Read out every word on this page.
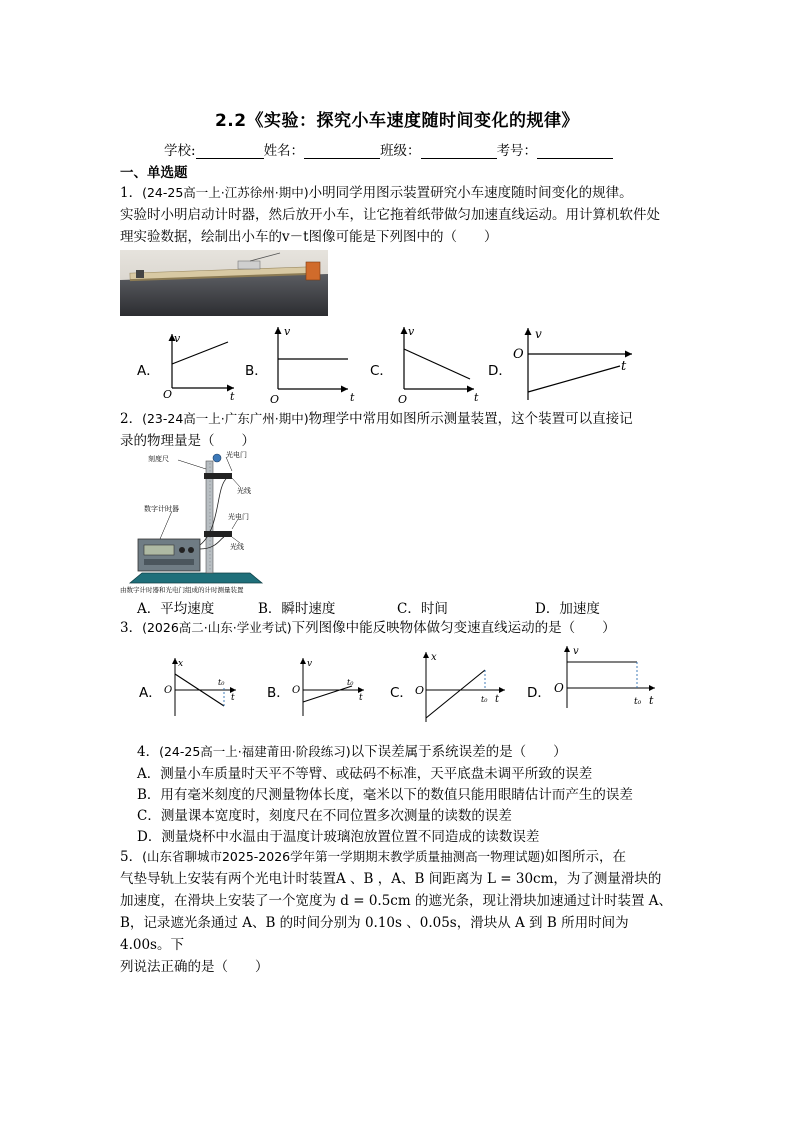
2.2《实验：探究小车速度随时间变化的规律》
学校:	姓名：	班级：	考号：
一、单选题
1．(24-25高一上·江苏徐州·期中)小明同学用图示装置研究小车速度随时间变化的规律。
实验时小明启动计时器，然后放开小车，让它拖着纸带做匀加速直线运动。用计算机软件处
理实验数据，绘制出小车的v－t图像可能是下列图中的（　　）
A．
v
t
O
B．
v
t
O
C．
v
t
O
D．
v
t
O
2．(23-24高一上·广东广州·期中)物理学中常用如图所示测量装置，这个装置可以直接记
录的物理量是（　　）
刻度尺	光电门
光线
数字计时器
光电门
光线
由数字计时器和光电门组成的计时测量装置
A．平均速度	B．瞬时速度	C．时间	D．加速度
3．(2026高二·山东·学业考试)下列图像中能反映物体做匀变速直线运动的是（　　）
A．
x
t
O
t₀
B．
v
t
O
t₀
C．
x
t
O
t₀	D．
v
t
O
t₀
4．(24-25高一上·福建莆田·阶段练习)以下误差属于系统误差的是（　　）
A．测量小车质量时天平不等臂、或砝码不标准，天平底盘未调平所致的误差
B．用有毫米刻度的尺测量物体长度，毫米以下的数值只能用眼睛估计而产生的误差
C．测量课本宽度时，刻度尺在不同位置多次测量的读数的误差
D．测量烧杯中水温由于温度计玻璃泡放置位置不同造成的读数误差
5．(山东省聊城市2025-2026学年第一学期期末教学质量抽测高一物理试题)如图所示，在
气垫导轨上安装有两个光电计时装置A 、B ，A、B 间距离为 L = 30cm，为了测量滑块的
加速度，在滑块上安装了一个宽度为 d = 0.5cm 的遮光条，现让滑块加速通过计时装置 A、
B，记录遮光条通过 A、B 的时间分别为 0.10s 、0.05s，滑块从 A 到 B 所用时间为 4.00s。下
列说法正确的是（　　）
